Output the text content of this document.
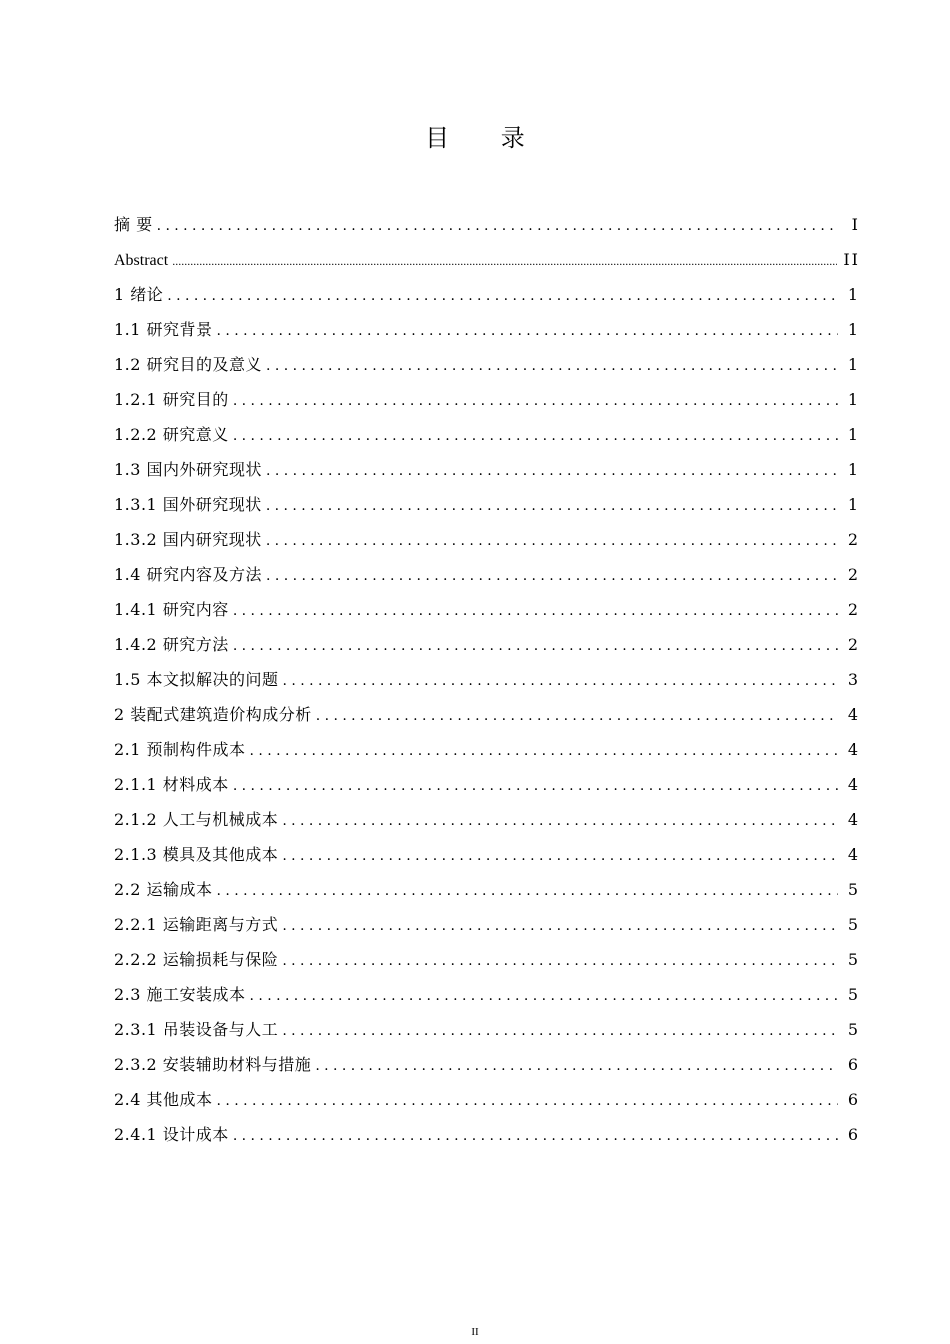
目 录
摘 要 .....	I
Abstract .....	II
1 绪论 .....	1
1.1 研究背景 .....	1
1.2 研究目的及意义 .....	1
1.2.1 研究目的 .....	1
1.2.2 研究意义 .....	1
1.3 国内外研究现状 .....	1
1.3.1 国外研究现状 .....	1
1.3.2 国内研究现状 .....	2
1.4 研究内容及方法 .....	2
1.4.1 研究内容 .....	2
1.4.2 研究方法 .....	2
1.5 本文拟解决的问题 .....	3
2 装配式建筑造价构成分析 .....	4
2.1 预制构件成本 .....	4
2.1.1 材料成本 .....	4
2.1.2 人工与机械成本 .....	4
2.1.3 模具及其他成本 .....	4
2.2 运输成本 .....	5
2.2.1 运输距离与方式 .....	5
2.2.2 运输损耗与保险 .....	5
2.3 施工安装成本 .....	5
2.3.1 吊装设备与人工 .....	5
2.3.2 安装辅助材料与措施 .....	6
2.4 其他成本 .....	6
2.4.1 设计成本 .....	6
II
